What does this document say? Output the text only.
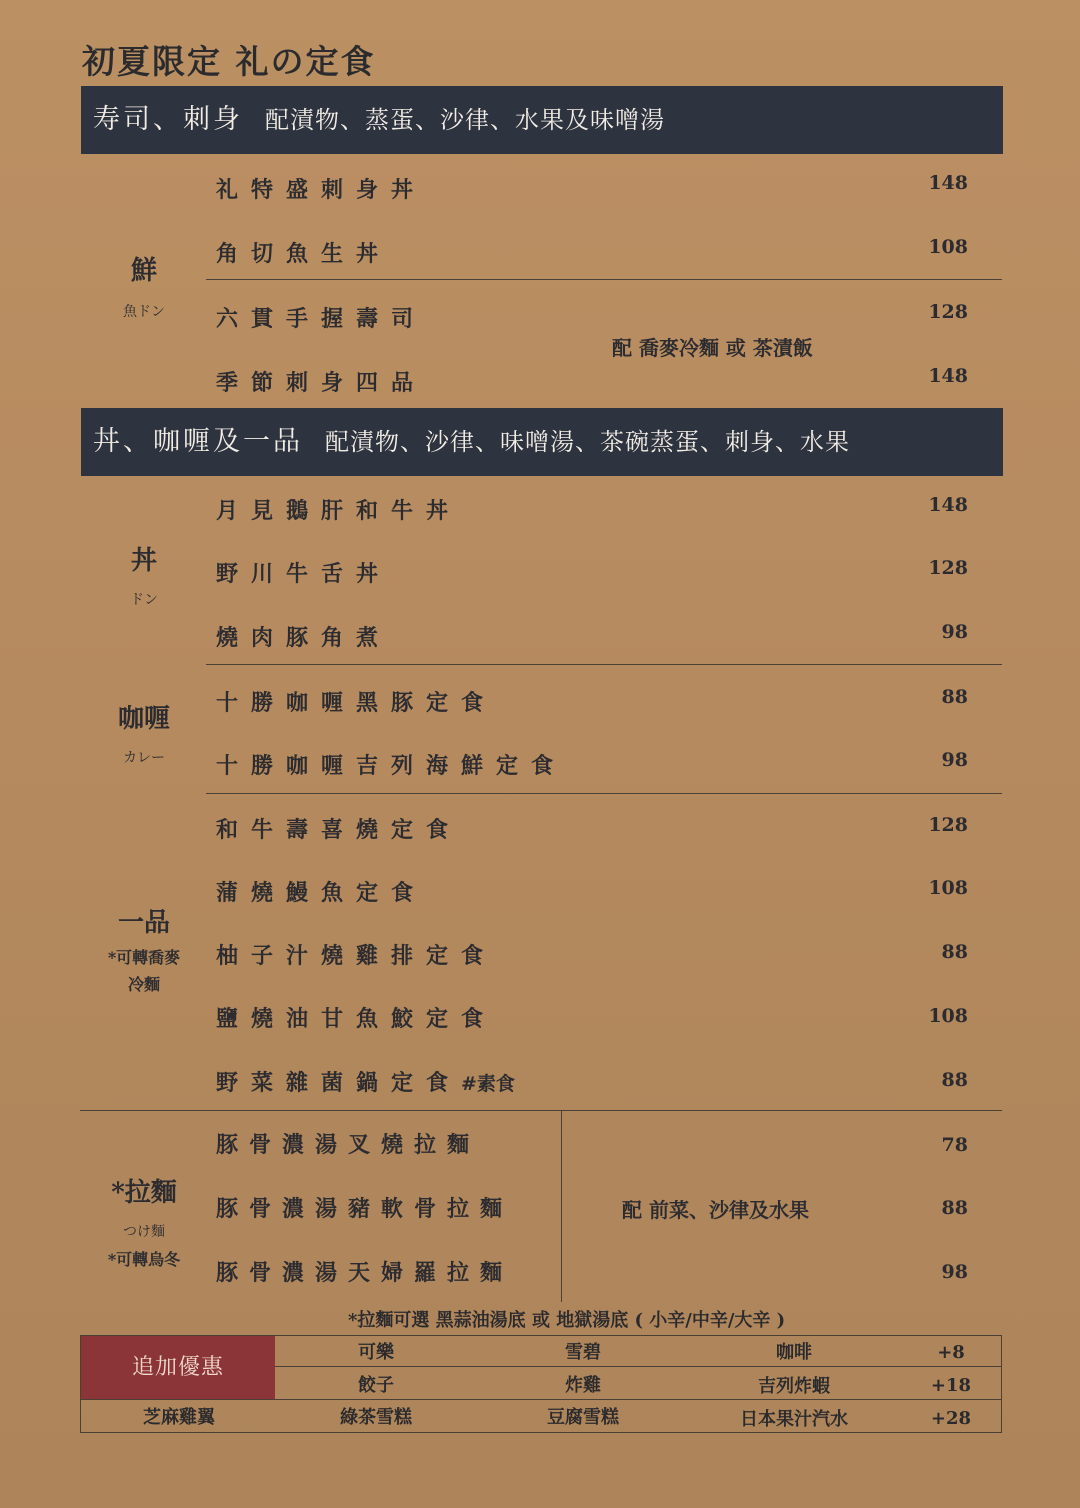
初夏限定 礼の定食
寿司、刺身 配漬物、蒸蛋、沙律、水果及味噌湯
鮮
魚ドン
礼特盛刺身丼	148
角切魚生丼	108
六貫手握壽司	128
配 喬麥冷麵 或 茶漬飯
季節刺身四品	148
丼、咖喱及一品 配漬物、沙律、味噌湯、茶碗蒸蛋、刺身、水果
丼
ドン
月見鵝肝和牛丼	148
野川牛舌丼	128
燒肉豚角煮	98
咖喱
カレー
十勝咖喱黑豚定食	88
十勝咖喱吉列海鮮定食	98
一品
*可轉喬麥
冷麵
和牛壽喜燒定食	128
蒲燒鰻魚定食	108
柚子汁燒雞排定食	88
鹽燒油甘魚鮫定食	108
野菜雜菌鍋定食#素食	88
*拉麵
つけ麵
*可轉烏冬
豚骨濃湯叉燒拉麵	78
豚骨濃湯豬軟骨拉麵	88
豚骨濃湯天婦羅拉麵	98
配 前菜、沙律及水果
*拉麵可選 黑蒜油湯底 或 地獄湯底 ( 小辛/中辛/大辛 )
追加優惠
可樂	雪碧	咖啡	+8
餃子	炸雞	吉列炸蝦	+18
芝麻雞翼	綠茶雪糕	豆腐雪糕	日本果汁汽水	+28
